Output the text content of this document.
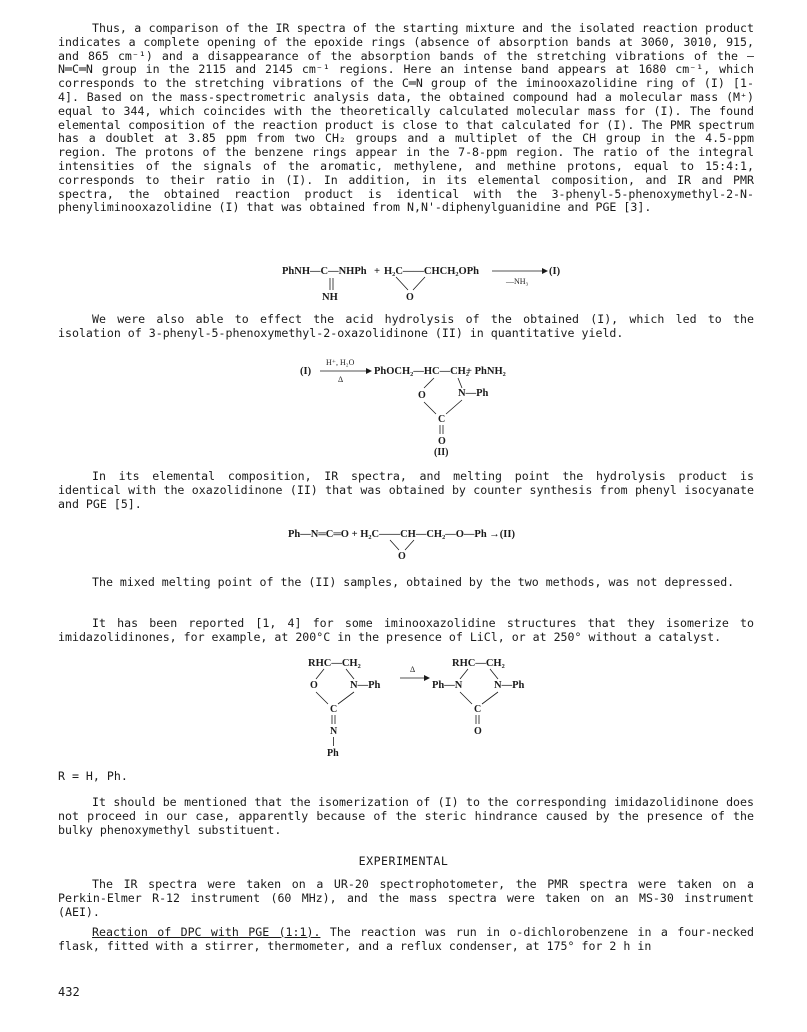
Thus, a comparison of the IR spectra of the starting mixture and the isolated reaction product indicates a complete opening of the epoxide rings (absence of absorption bands at 3060, 3010, 915, and 865 cm⁻¹) and a disappearance of the absorption bands of the stretching vibrations of the —N═C═N group in the 2115 and 2145 cm⁻¹ regions. Here an intense band appears at 1680 cm⁻¹, which corresponds to the stretching vibrations of the C═N group of the iminooxazolidine ring of (I) [1-4]. Based on the mass-spectrometric analysis data, the obtained compound had a molecular mass (M⁺) equal to 344, which coincides with the theoretically calculated molecular mass for (I). The found elemental composition of the reaction product is close to that calculated for (I). The PMR spectrum has a doublet at 3.85 ppm from two CH₂ groups and a multiplet of the CH group in the 4.5-ppm region. The protons of the benzene rings appear in the 7-8-ppm region. The ratio of the integral intensities of the signals of the aromatic, methylene, and methine protons, equal to 15:4:1, corresponds to their ratio in (I). In addition, in its elemental composition, and IR and PMR spectra, the obtained reaction product is identical with the 3-phenyl-5-phenoxymethyl-2-N-phenyliminooxazolidine (I) that was obtained from N,N'-diphenylguanidine and PGE [3].

PhNH—C—NHPh
NH
+ H₂C——CHCH₂OPh
O
—NH₃
(I)

We were also able to effect the acid hydrolysis of the obtained (I), which led to the isolation of 3-phenyl-5-phenoxymethyl-2-oxazolidinone (II) in quantitative yield.

(I)
H⁺, H₂O
Δ
PhOCH₂—HC—CH₂
+ PhNH₂
O	N—Ph
C
O
(II)

In its elemental composition, IR spectra, and melting point the hydrolysis product is identical with the oxazolidinone (II) that was obtained by counter synthesis from phenyl isocyanate and PGE [5].

Ph—N═C═O + H₂C——CH—CH₂—O—Ph →(II)
O

The mixed melting point of the (II) samples, obtained by the two methods, was not depressed.

It has been reported [1, 4] for some iminooxazolidine structures that they isomerize to imidazolidinones, for example, at 200°C in the presence of LiCl, or at 250° without a catalyst.

RHC—CH₂
O	N—Ph
C
N
Ph
Δ
RHC—CH₂
Ph—N	N—Ph
C
O

R = H, Ph.

It should be mentioned that the isomerization of (I) to the corresponding imidazolidinone does not proceed in our case, apparently because of the steric hindrance caused by the presence of the bulky phenoxymethyl substituent.

EXPERIMENTAL

The IR spectra were taken on a UR-20 spectrophotometer, the PMR spectra were taken on a Perkin-Elmer R-12 instrument (60 MHz), and the mass spectra were taken on an MS-30 instrument (AEI).

Reaction of DPC with PGE (1:1). The reaction was run in o-dichlorobenzene in a four-necked flask, fitted with a stirrer, thermometer, and a reflux condenser, at 175° for 2 h in

432
